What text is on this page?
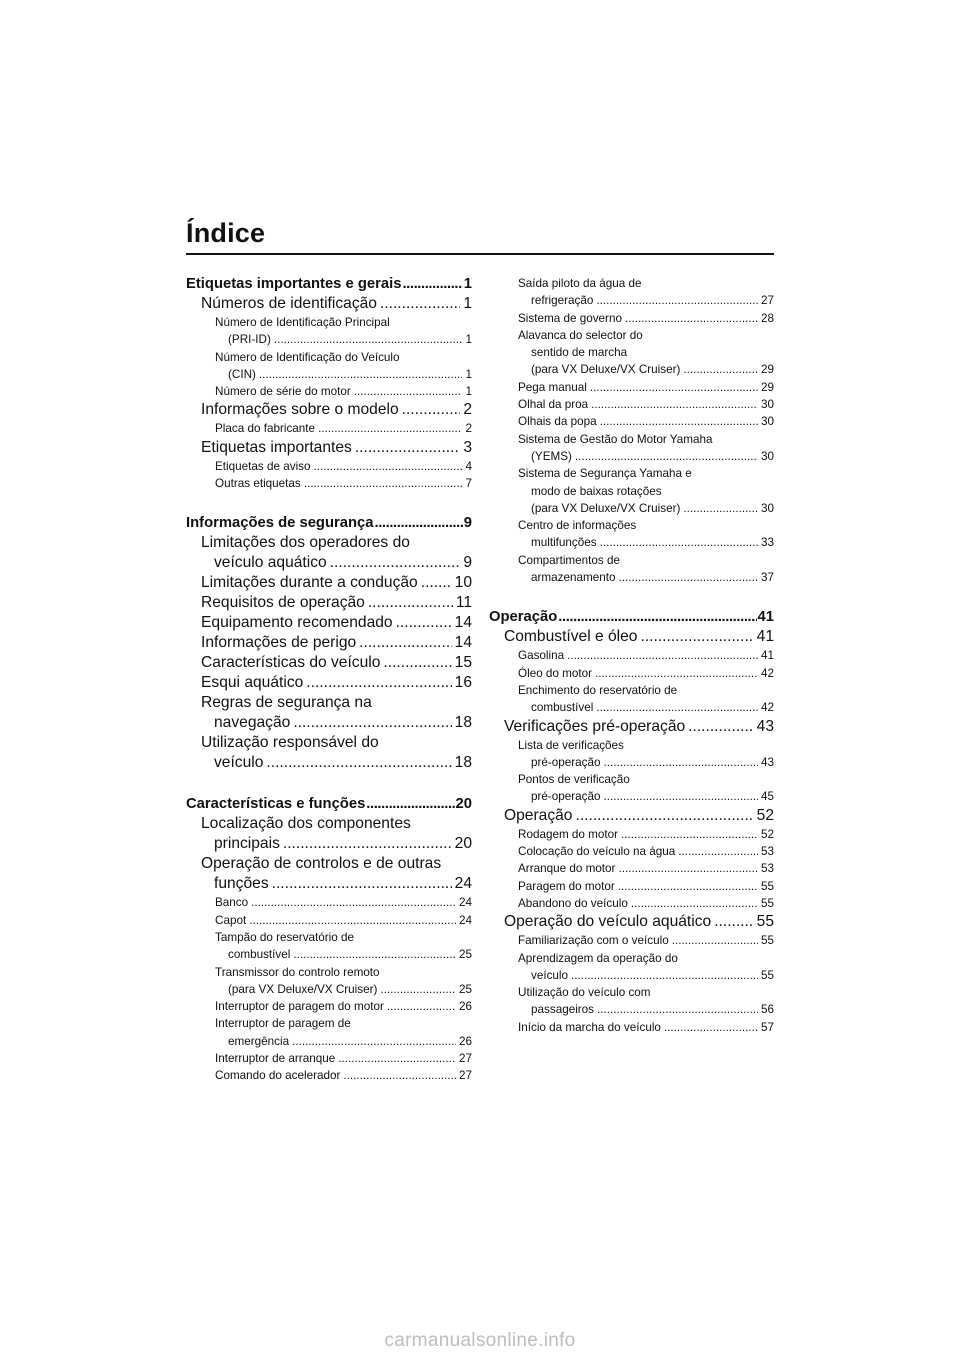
Índice
Etiquetas importantes e gerais .....	1
Números de identificação .....	1
Número de Identificação Principal
(PRI-ID) .....	1
Número de Identificação do Veículo
(CIN) .....	1
Número de série do motor .....	1
Informações sobre o modelo .....	2
Placa do fabricante .....	2
Etiquetas importantes .....	3
Etiquetas de aviso .....	4
Outras etiquetas .....	7
Informações de segurança .....	9
Limitações dos operadores do
veículo aquático .....	9
Limitações durante a condução ..... 10
Requisitos de operação .....	11
Equipamento recomendado .....	14
Informações de perigo .....	14
Características do veículo .....	15
Esqui aquático .....	16
Regras de segurança na
navegação .....	18
Utilização responsável do
veículo .....	18
Características e funções .....	20
Localização dos componentes
principais .....	20
Operação de controlos e de outras
funções .....	24
Banco .....	24
Capot .....	24
Tampão do reservatório de
combustível .....	25
Transmissor do controlo remoto
(para VX Deluxe/VX Cruiser) .....	25
Interruptor de paragem do motor .....	26
Interruptor de paragem de
emergência .....	26
Interruptor de arranque .....	27
Comando do acelerador .....	27
Saída piloto da água de
refrigeração .....	27
Sistema de governo .....	28
Alavanca do selector do
sentido de marcha
(para VX Deluxe/VX Cruiser) .....	29
Pega manual .....	29
Olhal da proa .....	30
Olhais da popa .....	30
Sistema de Gestão do Motor Yamaha
(YEMS) .....	30
Sistema de Segurança Yamaha e
modo de baixas rotações
(para VX Deluxe/VX Cruiser) .....	30
Centro de informações
multifunções .....	33
Compartimentos de
armazenamento .....	37
Operação .....	41
Combustível e óleo .....	41
Gasolina .....	41
Óleo do motor .....	42
Enchimento do reservatório de
combustível .....	42
Verificações pré-operação .....	43
Lista de verificações
pré-operação .....	43
Pontos de verificação
pré-operação .....	45
Operação .....	52
Rodagem do motor .....	52
Colocação do veículo na água .....	53
Arranque do motor .....	53
Paragem do motor .....	55
Abandono do veículo .....	55
Operação do veículo aquático .....	55
Familiarização com o veículo .....	55
Aprendizagem da operação do
veículo .....	55
Utilização do veículo com
passageiros .....	56
Início da marcha do veículo .....	57
carmanualsonline.info
